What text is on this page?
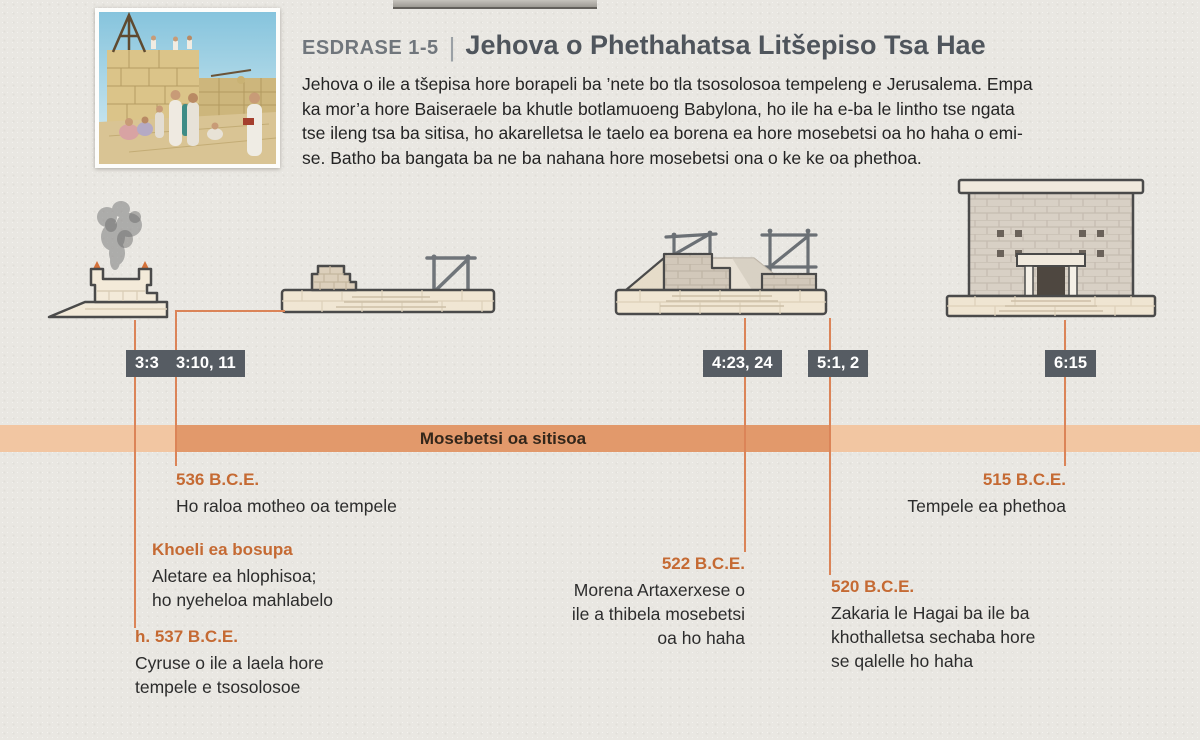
ESDRASE 1-5 | Jehova o Phethahatsa Litšepiso Tsa Hae

Jehova o ile a tšepisa hore borapeli ba ’nete bo tla tsosolosoa tempeleng e Jerusalema. Empa
ka mor’a hore Baiseraele ba khutle botlamuoeng Babylona, ho ile ha e-ba le lintho tse ngata
tse ileng tsa ba sitisa, ho akarelletsa le taelo ea borena ea hore mosebetsi oa ho haha o emi-
se. Batho ba bangata ba ne ba nahana hore mosebetsi ona o ke ke oa phethoa.

3:3	3:10, 11	4:23, 24	5:1, 2	6:15
Mosebetsi oa sitisoa
536 B.C.E.
Ho raloa motheo oa tempele
Khoeli ea bosupa
Aletare ea hlophisoa;
ho nyeheloa mahlabelo
h. 537 B.C.E.
Cyruse o ile a laela hore
tempele e tsosolosoe
522 B.C.E.
Morena Artaxerxese o
ile a thibela mosebetsi
oa ho haha
520 B.C.E.
Zakaria le Hagai ba ile ba
khothalletsa sechaba hore
se qalelle ho haha
515 B.C.E.
Tempele ea phethoa
